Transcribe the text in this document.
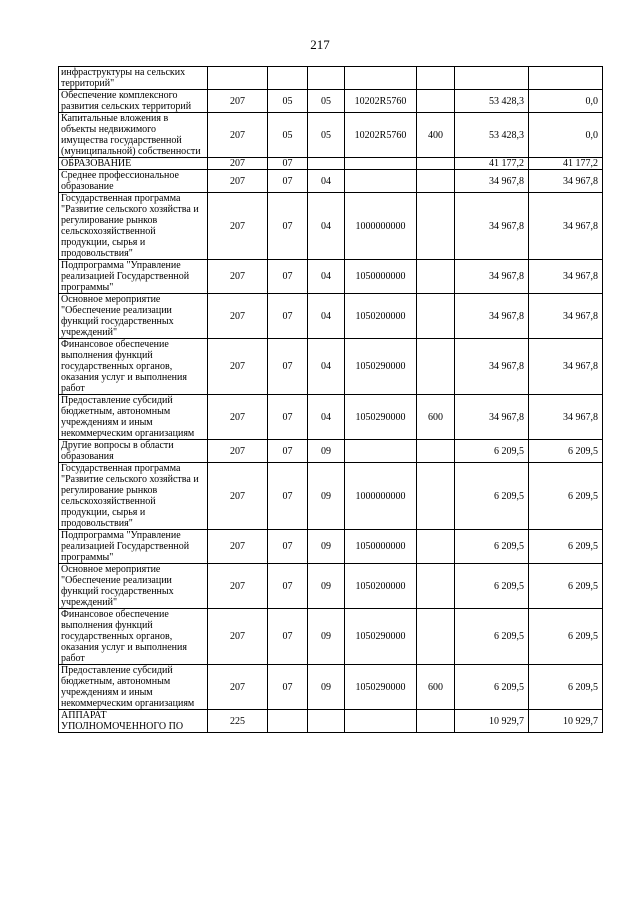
217
инфраструктуры на сельских территорий"							
Обеспечение комплексного развития сельских территорий	207	05	05	10202R5760		53 428,3	0,0
Капитальные вложения в объекты недвижимого имущества государственной (муниципальной) собственности	207	05	05	10202R5760	400	53 428,3	0,0
ОБРАЗОВАНИЕ	207	07				41 177,2	41 177,2
Среднее профессиональное образование	207	07	04			34 967,8	34 967,8
Государственная программа "Развитие сельского хозяйства и регулирование рынков сельскохозяйственной продукции, сырья и продовольствия"	207	07	04	1000000000		34 967,8	34 967,8
Подпрограмма "Управление реализацией Государственной программы"	207	07	04	1050000000		34 967,8	34 967,8
Основное мероприятие "Обеспечение реализации функций государственных учреждений"	207	07	04	1050200000		34 967,8	34 967,8
Финансовое обеспечение выполнения функций государственных органов, оказания услуг и выполнения работ	207	07	04	1050290000		34 967,8	34 967,8
Предоставление субсидий бюджетным, автономным учреждениям и иным некоммерческим организациям	207	07	04	1050290000	600	34 967,8	34 967,8
Другие вопросы в области образования	207	07	09			6 209,5	6 209,5
Государственная программа "Развитие сельского хозяйства и регулирование рынков сельскохозяйственной продукции, сырья и продовольствия"	207	07	09	1000000000		6 209,5	6 209,5
Подпрограмма "Управление реализацией Государственной программы"	207	07	09	1050000000		6 209,5	6 209,5
Основное мероприятие "Обеспечение реализации функций государственных учреждений"	207	07	09	1050200000		6 209,5	6 209,5
Финансовое обеспечение выполнения функций государственных органов, оказания услуг и выполнения работ	207	07	09	1050290000		6 209,5	6 209,5
Предоставление субсидий бюджетным, автономным учреждениям и иным некоммерческим организациям	207	07	09	1050290000	600	6 209,5	6 209,5
АППАРАТ УПОЛНОМОЧЕННОГО ПО	225					10 929,7	10 929,7
